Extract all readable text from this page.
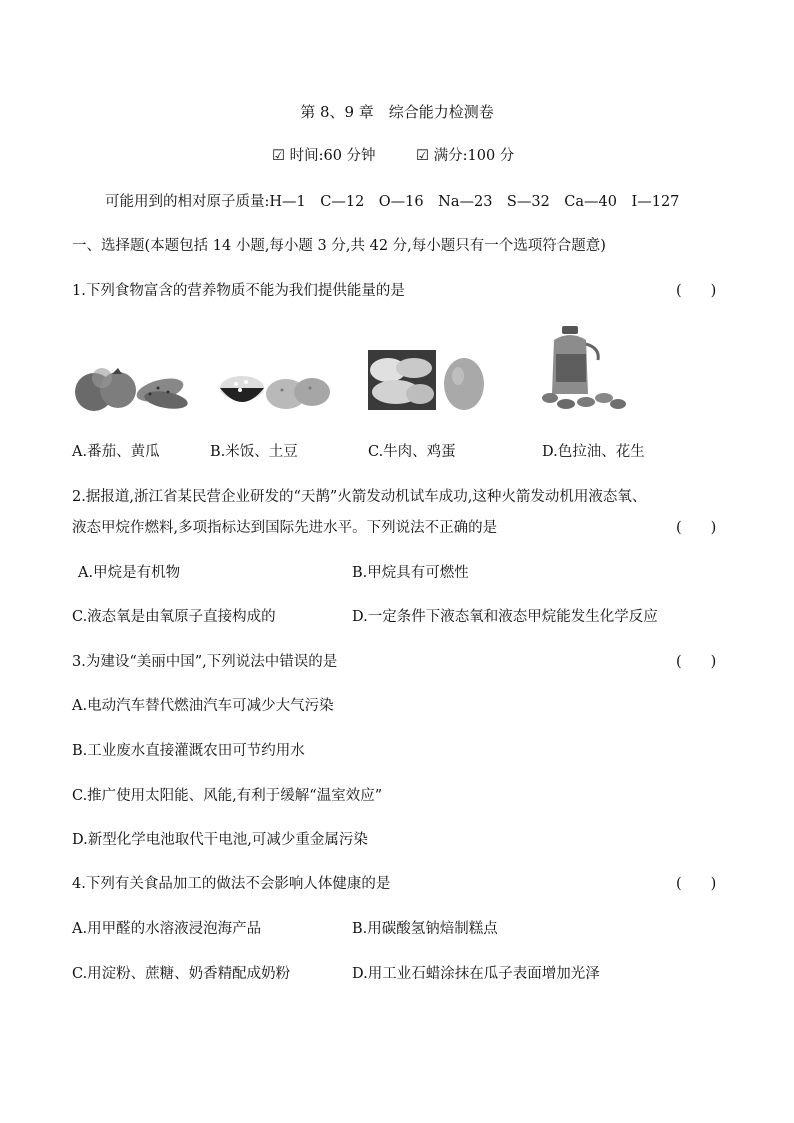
第 8、9 章　综合能力检测卷
☑ 时间:60 分钟	☑ 满分:100 分
可能用到的相对原子质量:H—1　C—12　O—16　Na—23　S—32　Ca—40　I—127
一、选择题(本题包括 14 小题,每小题 3 分,共 42 分,每小题只有一个选项符合题意)
1.下列食物富含的营养物质不能为我们提供能量的是	(　　)
A.番茄、黄瓜	B.米饭、土豆	C.牛肉、鸡蛋	D.色拉油、花生
2.据报道,浙江省某民营企业研发的“天鹊”火箭发动机试车成功,这种火箭发动机用液态氧、
液态甲烷作燃料,多项指标达到国际先进水平。下列说法不正确的是	(　　)
A.甲烷是有机物	B.甲烷具有可燃性
C.液态氧是由氧原子直接构成的	D.一定条件下液态氧和液态甲烷能发生化学反应
3.为建设“美丽中国”,下列说法中错误的是	(　　)
A.电动汽车替代燃油汽车可减少大气污染
B.工业废水直接灌溉农田可节约用水
C.推广使用太阳能、风能,有利于缓解“温室效应”
D.新型化学电池取代干电池,可减少重金属污染
4.下列有关食品加工的做法不会影响人体健康的是	(　　)
A.用甲醛的水溶液浸泡海产品	B.用碳酸氢钠焙制糕点
C.用淀粉、蔗糖、奶香精配成奶粉	D.用工业石蜡涂抹在瓜子表面增加光泽
